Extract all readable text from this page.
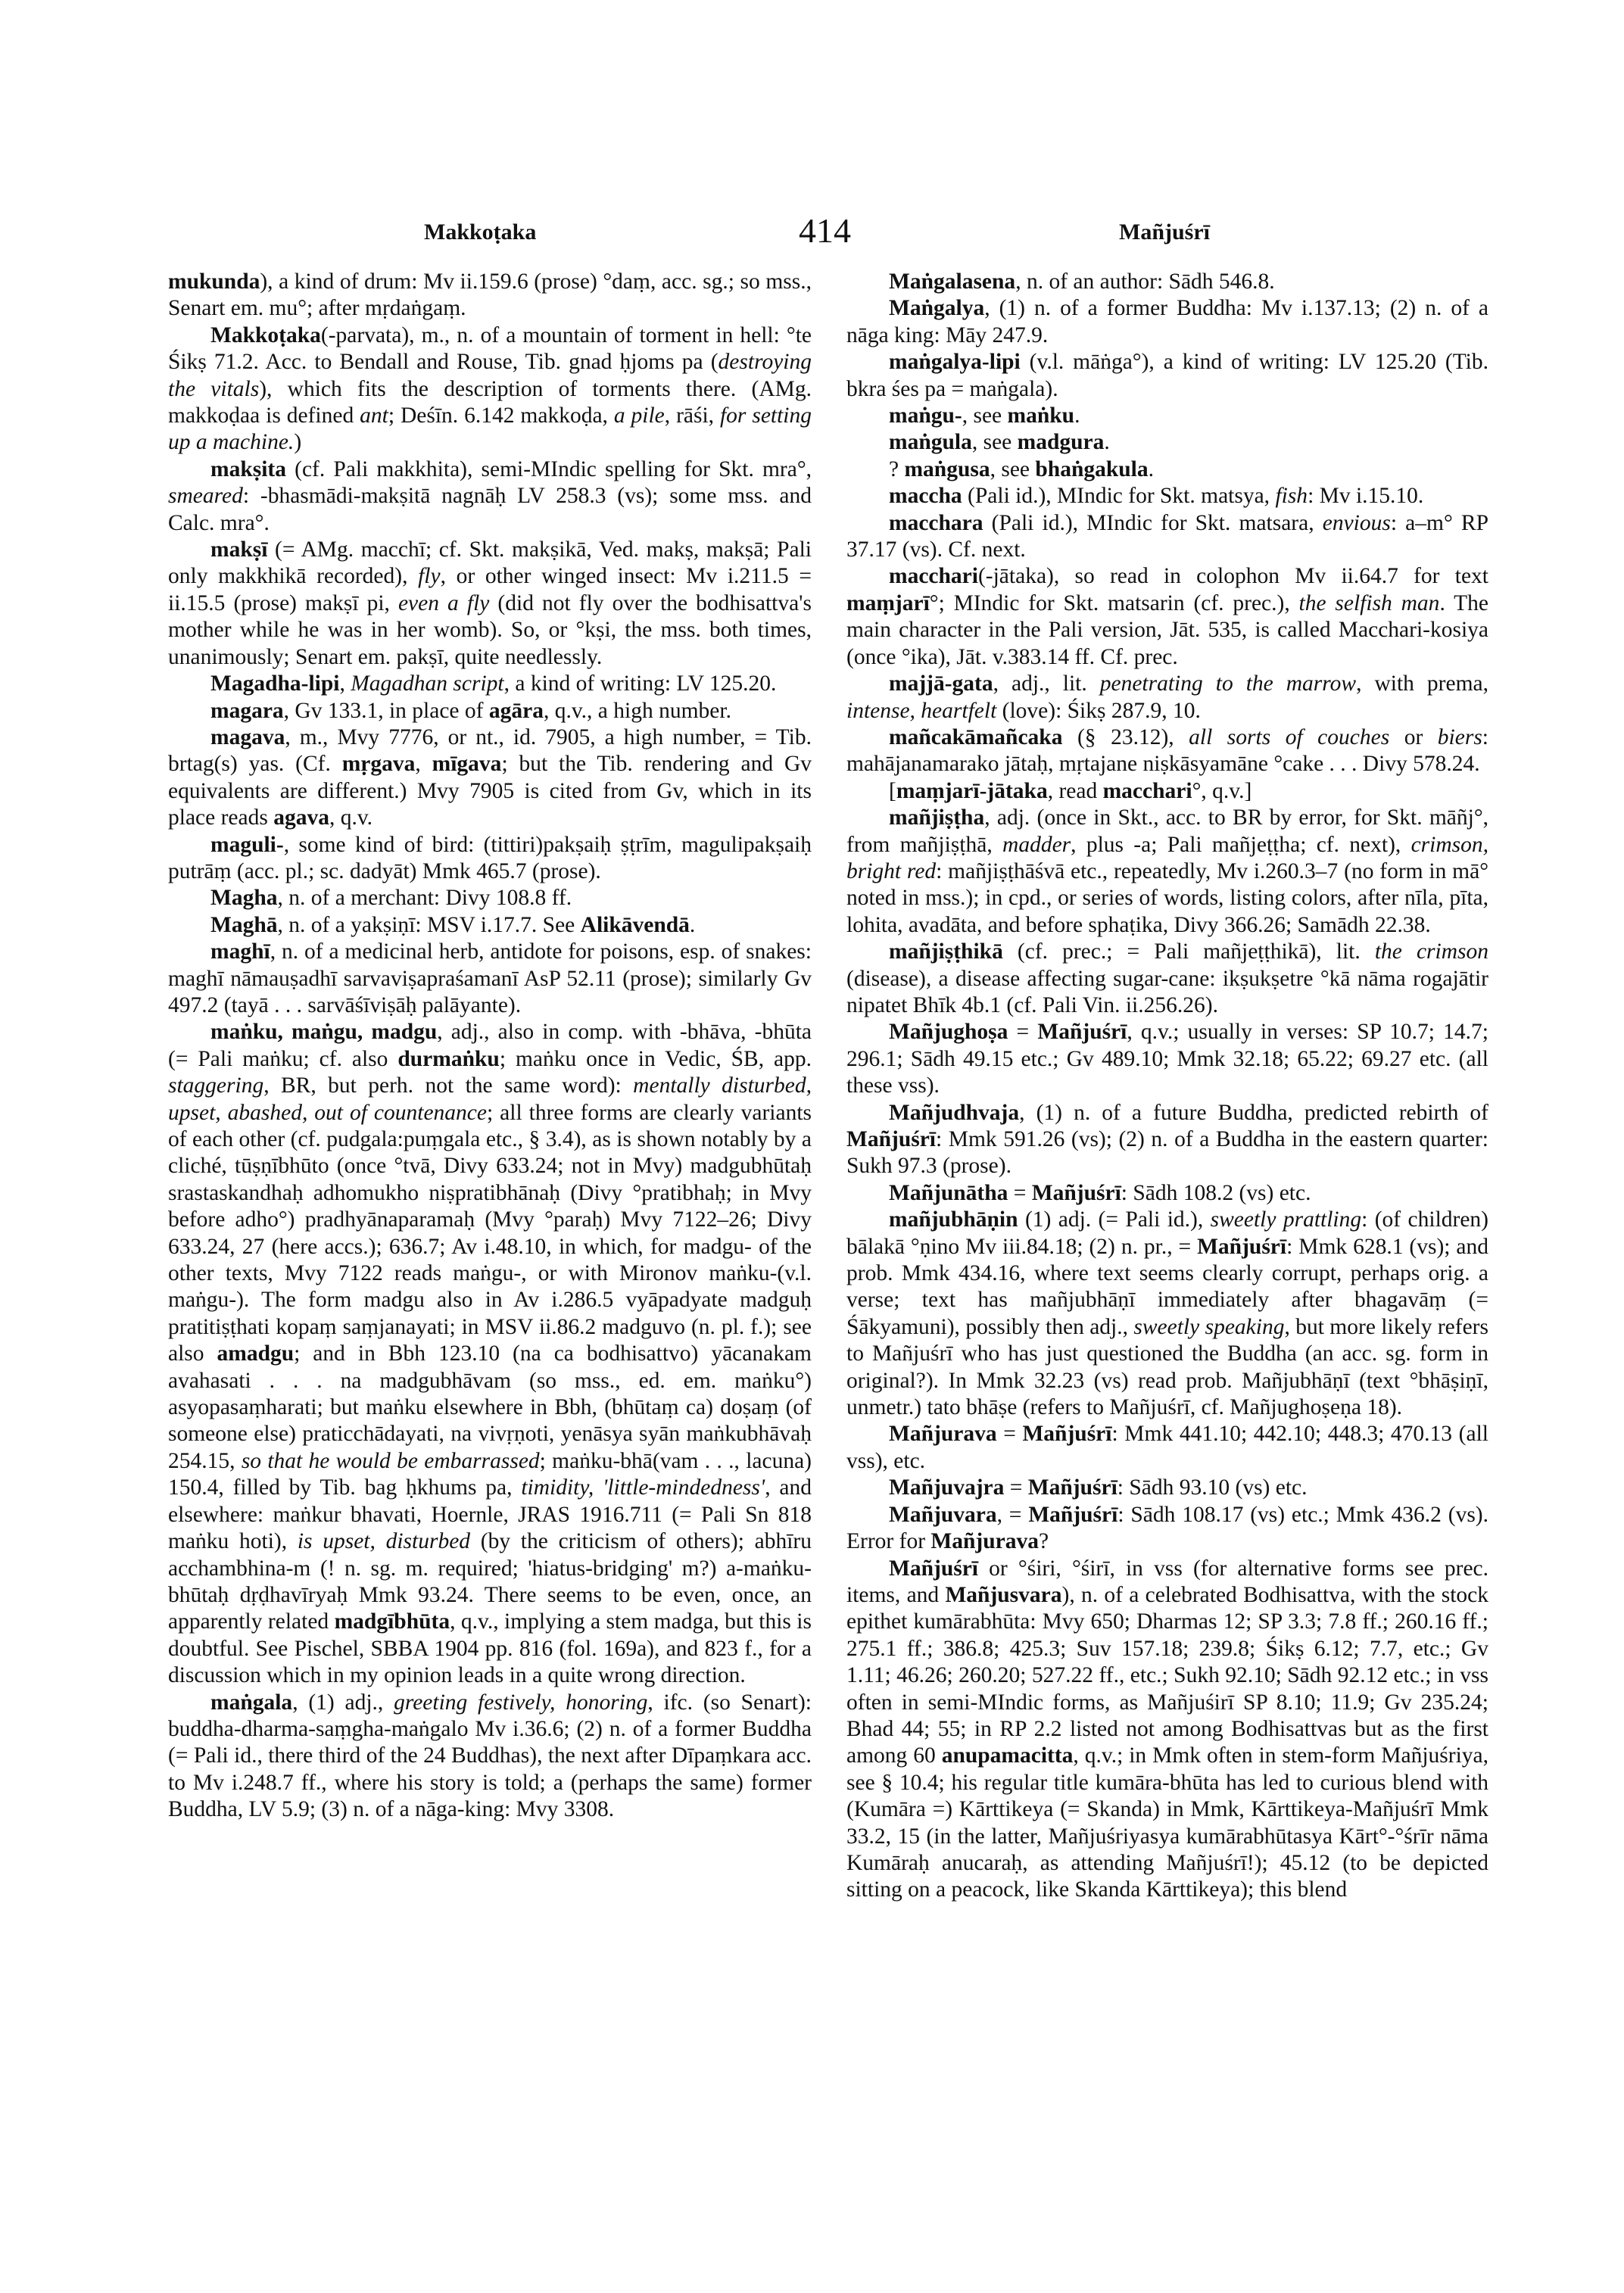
Makkoṭaka	414	Mañjuśrī

mukunda), a kind of drum: Mv ii.159.6 (prose) °daṃ, acc. sg.; so mss., Senart em. mu°; after mṛdaṅgaṃ.

Makkoṭaka(-parvata), m., n. of a mountain of torment in hell: °te Śikṣ 71.2. Acc. to Bendall and Rouse, Tib. gnad ḥjoms pa (destroying the vitals), which fits the description of torments there. (AMg. makkoḍaa is defined ant; Deśīn. 6.142 makkoḍa, a pile, rāśi, for setting up a machine.)

makṣita (cf. Pali makkhita), semi-MIndic spelling for Skt. mra°, smeared: -bhasmādi-makṣitā nagnāḥ LV 258.3 (vs); some mss. and Calc. mra°.

makṣī (= AMg. macchī; cf. Skt. makṣikā, Ved. makṣ, makṣā; Pali only makkhikā recorded), fly, or other winged insect: Mv i.211.5 = ii.15.5 (prose) makṣī pi, even a fly (did not fly over the bodhisattva's mother while he was in her womb). So, or °kṣi, the mss. both times, unanimously; Senart em. pakṣī, quite needlessly.

Magadha-lipi, Magadhan script, a kind of writing: LV 125.20.

magara, Gv 133.1, in place of agāra, q.v., a high number.

magava, m., Mvy 7776, or nt., id. 7905, a high number, = Tib. brtag(s) yas. (Cf. mṛgava, mīgava; but the Tib. rendering and Gv equivalents are different.) Mvy 7905 is cited from Gv, which in its place reads agava, q.v.

maguli-, some kind of bird: (tittiri)pakṣaiḥ ṣṭrīm, magulipakṣaiḥ putrāṃ (acc. pl.; sc. dadyāt) Mmk 465.7 (prose).

Magha, n. of a merchant: Divy 108.8 ff.

Maghā, n. of a yakṣiṇī: MSV i.17.7. See Alikāvendā.

maghī, n. of a medicinal herb, antidote for poisons, esp. of snakes: maghī nāmauṣadhī sarvaviṣapraśamanī AsP 52.11 (prose); similarly Gv 497.2 (tayā . . . sarvāśīviṣāḥ palāyante).

maṅku, maṅgu, madgu, adj., also in comp. with -bhāva, -bhūta (= Pali maṅku; cf. also durmaṅku; maṅku once in Vedic, ŚB, app. staggering, BR, but perh. not the same word): mentally disturbed, upset, abashed, out of countenance; all three forms are clearly variants of each other (cf. pudgala:puṃgala etc., § 3.4), as is shown notably by a cliché, tūṣṇībhūto (once °tvā, Divy 633.24; not in Mvy) madgubhūtaḥ srastaskandhaḥ adhomukho niṣpratibhānaḥ (Divy °pratibhaḥ; in Mvy before adho°) pradhyānaparamaḥ (Mvy °paraḥ) Mvy 7122–26; Divy 633.24, 27 (here accs.); 636.7; Av i.48.10, in which, for madgu- of the other texts, Mvy 7122 reads maṅgu-, or with Mironov maṅku-(v.l. maṅgu-). The form madgu also in Av i.286.5 vyāpadyate madguḥ pratitiṣṭhati kopaṃ saṃjanayati; in MSV ii.86.2 madguvo (n. pl. f.); see also amadgu; and in Bbh 123.10 (na ca bodhisattvo) yācanakam avahasati . . . na madgubhāvam (so mss., ed. em. maṅku°) asyopasaṃharati; but maṅku elsewhere in Bbh, (bhūtaṃ ca) doṣaṃ (of someone else) praticchādayati, na vivṛṇoti, yenāsya syān maṅkubhāvaḥ 254.15, so that he would be embarrassed; maṅku-bhā(vam . . ., lacuna) 150.4, filled by Tib. bag ḥkhums pa, timidity, 'little-mindedness', and elsewhere: maṅkur bhavati, Hoernle, JRAS 1916.711 (= Pali Sn 818 maṅku hoti), is upset, disturbed (by the criticism of others); abhīru acchambhina-m (! n. sg. m. required; 'hiatus-bridging' m?) a-maṅku-bhūtaḥ dṛḍhavīryaḥ Mmk 93.24. There seems to be even, once, an apparently related madgībhūta, q.v., implying a stem madga, but this is doubtful. See Pischel, SBBA 1904 pp. 816 (fol. 169a), and 823 f., for a discussion which in my opinion leads in a quite wrong direction.

maṅgala, (1) adj., greeting festively, honoring, ifc. (so Senart): buddha-dharma-saṃgha-maṅgalo Mv i.36.6; (2) n. of a former Buddha (= Pali id., there third of the 24 Buddhas), the next after Dīpaṃkara acc. to Mv i.248.7 ff., where his story is told; a (perhaps the same) former Buddha, LV 5.9; (3) n. of a nāga-king: Mvy 3308.

Maṅgalasena, n. of an author: Sādh 546.8.

Maṅgalya, (1) n. of a former Buddha: Mv i.137.13; (2) n. of a nāga king: Māy 247.9.

maṅgalya-lipi (v.l. māṅga°), a kind of writing: LV 125.20 (Tib. bkra śes pa = maṅgala).

maṅgu-, see maṅku.

maṅgula, see madgura.

? maṅgusa, see bhaṅgakula.

maccha (Pali id.), MIndic for Skt. matsya, fish: Mv i.15.10.

macchara (Pali id.), MIndic for Skt. matsara, envious: a–m° RP 37.17 (vs). Cf. next.

macchari(-jātaka), so read in colophon Mv ii.64.7 for text maṃjarī°; MIndic for Skt. matsarin (cf. prec.), the selfish man. The main character in the Pali version, Jāt. 535, is called Macchari-kosiya (once °ika), Jāt. v.383.14 ff. Cf. prec.

majjā-gata, adj., lit. penetrating to the marrow, with prema, intense, heartfelt (love): Śikṣ 287.9, 10.

mañcakāmañcaka (§ 23.12), all sorts of couches or biers: mahājanamarako jātaḥ, mṛtajane niṣkāsyamāne °cake . . . Divy 578.24.

[maṃjarī-jātaka, read macchari°, q.v.]

mañjiṣṭha, adj. (once in Skt., acc. to BR by error, for Skt. māñj°, from mañjiṣṭhā, madder, plus -a; Pali mañjeṭṭha; cf. next), crimson, bright red: mañjiṣṭhāśvā etc., repeatedly, Mv i.260.3–7 (no form in mā° noted in mss.); in cpd., or series of words, listing colors, after nīla, pīta, lohita, avadāta, and before sphaṭika, Divy 366.26; Samādh 22.38.

mañjiṣṭhikā (cf. prec.; = Pali mañjeṭṭhikā), lit. the crimson (disease), a disease affecting sugar-cane: ikṣukṣetre °kā nāma rogajātir nipatet Bhīk 4b.1 (cf. Pali Vin. ii.256.26).

Mañjughoṣa = Mañjuśrī, q.v.; usually in verses: SP 10.7; 14.7; 296.1; Sādh 49.15 etc.; Gv 489.10; Mmk 32.18; 65.22; 69.27 etc. (all these vss).

Mañjudhvaja, (1) n. of a future Buddha, predicted rebirth of Mañjuśrī: Mmk 591.26 (vs); (2) n. of a Buddha in the eastern quarter: Sukh 97.3 (prose).

Mañjunātha = Mañjuśrī: Sādh 108.2 (vs) etc.

mañjubhāṇin (1) adj. (= Pali id.), sweetly prattling: (of children) bālakā °ṇino Mv iii.84.18; (2) n. pr., = Mañjuśrī: Mmk 628.1 (vs); and prob. Mmk 434.16, where text seems clearly corrupt, perhaps orig. a verse; text has mañjubhāṇī immediately after bhagavāṃ (= Śākyamuni), possibly then adj., sweetly speaking, but more likely refers to Mañjuśrī who has just questioned the Buddha (an acc. sg. form in original?). In Mmk 32.23 (vs) read prob. Mañjubhāṇī (text °bhāṣiṇī, unmetr.) tato bhāṣe (refers to Mañjuśrī, cf. Mañjughoṣeṇa 18).

Mañjurava = Mañjuśrī: Mmk 441.10; 442.10; 448.3; 470.13 (all vss), etc.

Mañjuvajra = Mañjuśrī: Sādh 93.10 (vs) etc.

Mañjuvara, = Mañjuśrī: Sādh 108.17 (vs) etc.; Mmk 436.2 (vs). Error for Mañjurava?

Mañjuśrī or °śiri, °śirī, in vss (for alternative forms see prec. items, and Mañjusvara), n. of a celebrated Bodhisattva, with the stock epithet kumārabhūta: Mvy 650; Dharmas 12; SP 3.3; 7.8 ff.; 260.16 ff.; 275.1 ff.; 386.8; 425.3; Suv 157.18; 239.8; Śikṣ 6.12; 7.7, etc.; Gv 1.11; 46.26; 260.20; 527.22 ff., etc.; Sukh 92.10; Sādh 92.12 etc.; in vss often in semi-MIndic forms, as Mañjuśirī SP 8.10; 11.9; Gv 235.24; Bhad 44; 55; in RP 2.2 listed not among Bodhisattvas but as the first among 60 anupamacitta, q.v.; in Mmk often in stem-form Mañjuśriya, see § 10.4; his regular title kumāra-bhūta has led to curious blend with (Kumāra =) Kārttikeya (= Skanda) in Mmk, Kārttikeya-Mañjuśrī Mmk 33.2, 15 (in the latter, Mañjuśriyasya kumārabhūtasya Kārt°-°śrīr nāma Kumāraḥ anucaraḥ, as attending Mañjuśrī!); 45.12 (to be depicted sitting on a peacock, like Skanda Kārttikeya); this blend
